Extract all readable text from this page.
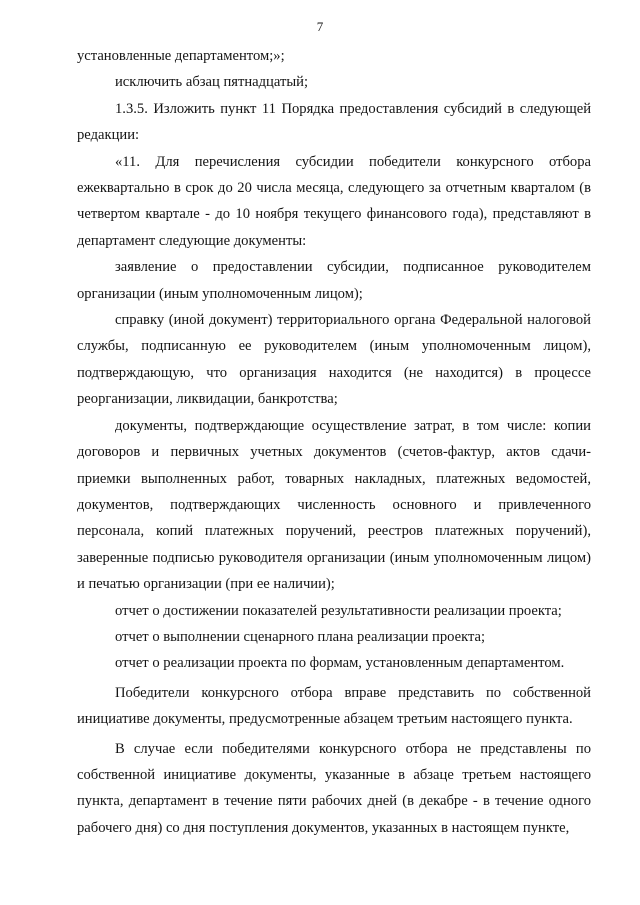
7

установленные департаментом;»;

исключить абзац пятнадцатый;

1.3.5. Изложить пункт 11 Порядка предоставления субсидий в следующей редакции:

«11. Для перечисления субсидии победители конкурсного отбора ежеквартально в срок до 20 числа месяца, следующего за отчетным кварталом (в четвертом квартале - до 10 ноября текущего финансового года), представляют в департамент следующие документы:

заявление о предоставлении субсидии, подписанное руководителем организации (иным уполномоченным лицом);

справку (иной документ) территориального органа Федеральной налоговой службы, подписанную ее руководителем (иным уполномоченным лицом), подтверждающую, что организация находится (не находится) в процессе реорганизации, ликвидации, банкротства;

документы, подтверждающие осуществление затрат, в том числе: копии договоров и первичных учетных документов (счетов-фактур, актов сдачи-приемки выполненных работ, товарных накладных, платежных ведомостей, документов, подтверждающих численность основного и привлеченного персонала, копий платежных поручений, реестров платежных поручений), заверенные подписью руководителя организации (иным уполномоченным лицом) и печатью организации (при ее наличии);

отчет о достижении показателей результативности реализации проекта;

отчет о выполнении сценарного плана реализации проекта;

отчет о реализации проекта по формам, установленным департаментом.

Победители конкурсного отбора вправе представить по собственной инициативе документы, предусмотренные абзацем третьим настоящего пункта.

В случае если победителями конкурсного отбора не представлены по собственной инициативе документы, указанные в абзаце третьем настоящего пункта, департамент в течение пяти рабочих дней (в декабре - в течение одного рабочего дня) со дня поступления документов, указанных в настоящем пункте,
